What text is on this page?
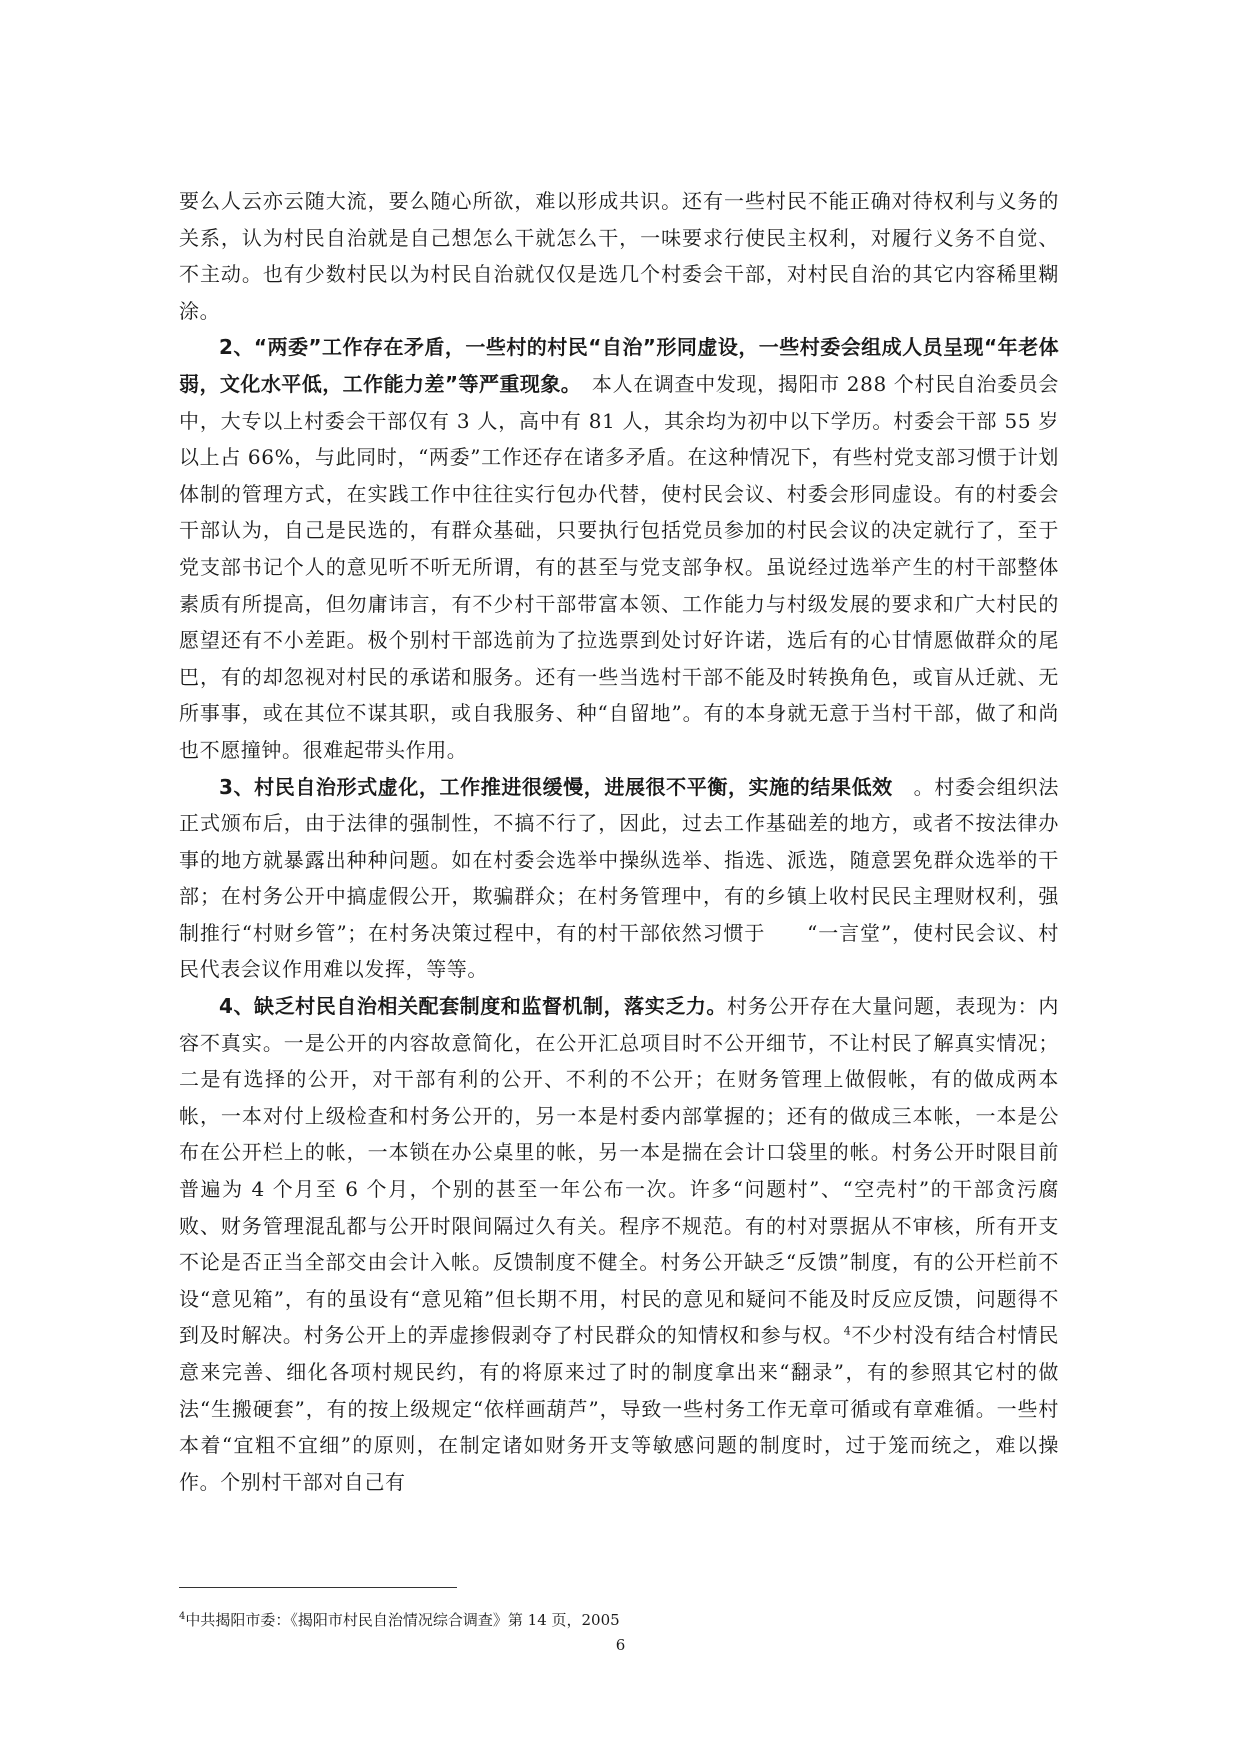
要么人云亦云随大流，要么随心所欲，难以形成共识。还有一些村民不能正确对待权利与义务的关系，认为村民自治就是自己想怎么干就怎么干，一味要求行使民主权利，对履行义务不自觉、不主动。也有少数村民以为村民自治就仅仅是选几个村委会干部，对村民自治的其它内容稀里糊涂。

2、“两委”工作存在矛盾，一些村的村民“自治”形同虚设，一些村委会组成人员呈现“年老体弱，文化水平低，工作能力差”等严重现象。　本人在调查中发现，揭阳市 288 个村民自治委员会中，大专以上村委会干部仅有 3 人，高中有 81 人，其余均为初中以下学历。村委会干部 55 岁以上占 66%，与此同时，“两委”工作还存在诸多矛盾。在这种情况下，有些村党支部习惯于计划体制的管理方式，在实践工作中往往实行包办代替，使村民会议、村委会形同虚设。有的村委会干部认为，自己是民选的，有群众基础，只要执行包括党员参加的村民会议的决定就行了，至于党支部书记个人的意见听不听无所谓，有的甚至与党支部争权。虽说经过选举产生的村干部整体素质有所提高，但勿庸讳言，有不少村干部带富本领、工作能力与村级发展的要求和广大村民的愿望还有不小差距。极个别村干部选前为了拉选票到处讨好许诺，选后有的心甘情愿做群众的尾巴，有的却忽视对村民的承诺和服务。还有一些当选村干部不能及时转换角色，或盲从迁就、无所事事，或在其位不谋其职，或自我服务、种“自留地”。有的本身就无意于当村干部，做了和尚也不愿撞钟。很难起带头作用。

3、村民自治形式虚化，工作推进很缓慢，进展很不平衡，实施的结果低效　。村委会组织法正式颁布后，由于法律的强制性，不搞不行了，因此，过去工作基础差的地方，或者不按法律办事的地方就暴露出种种问题。如在村委会选举中操纵选举、指选、派选，随意罢免群众选举的干部；在村务公开中搞虚假公开，欺骗群众；在村务管理中，有的乡镇上收村民民主理财权利，强制推行“村财乡管”；在村务决策过程中，有的村干部依然习惯于　　“一言堂”，使村民会议、村民代表会议作用难以发挥，等等。

4、缺乏村民自治相关配套制度和监督机制，落实乏力。村务公开存在大量问题，表现为：内容不真实。一是公开的内容故意简化，在公开汇总项目时不公开细节，不让村民了解真实情况；二是有选择的公开，对干部有利的公开、不利的不公开；在财务管理上做假帐，有的做成两本帐，一本对付上级检查和村务公开的，另一本是村委内部掌握的；还有的做成三本帐，一本是公布在公开栏上的帐，一本锁在办公桌里的帐，另一本是揣在会计口袋里的帐。村务公开时限目前普遍为 4 个月至 6 个月，个别的甚至一年公布一次。许多“问题村”、“空壳村”的干部贪污腐败、财务管理混乱都与公开时限间隔过久有关。程序不规范。有的村对票据从不审核，所有开支不论是否正当全部交由会计入帐。反馈制度不健全。村务公开缺乏“反馈”制度，有的公开栏前不设“意见箱”，有的虽设有“意见箱”但长期不用，村民的意见和疑问不能及时反应反馈，问题得不到及时解决。村务公开上的弄虚掺假剥夺了村民群众的知情权和参与权。$^4$不少村没有结合村情民意来完善、细化各项村规民约，有的将原来过了时的制度拿出来“翻录”，有的参照其它村的做法“生搬硬套”，有的按上级规定“依样画葫芦”，导致一些村务工作无章可循或有章难循。一些村本着“宜粗不宜细”的原则，在制定诸如财务开支等敏感问题的制度时，过于笼而统之，难以操作。个别村干部对自己有

$^4$中共揭阳市委：《揭阳市村民自治情况综合调查》第 14 页，2005
6
